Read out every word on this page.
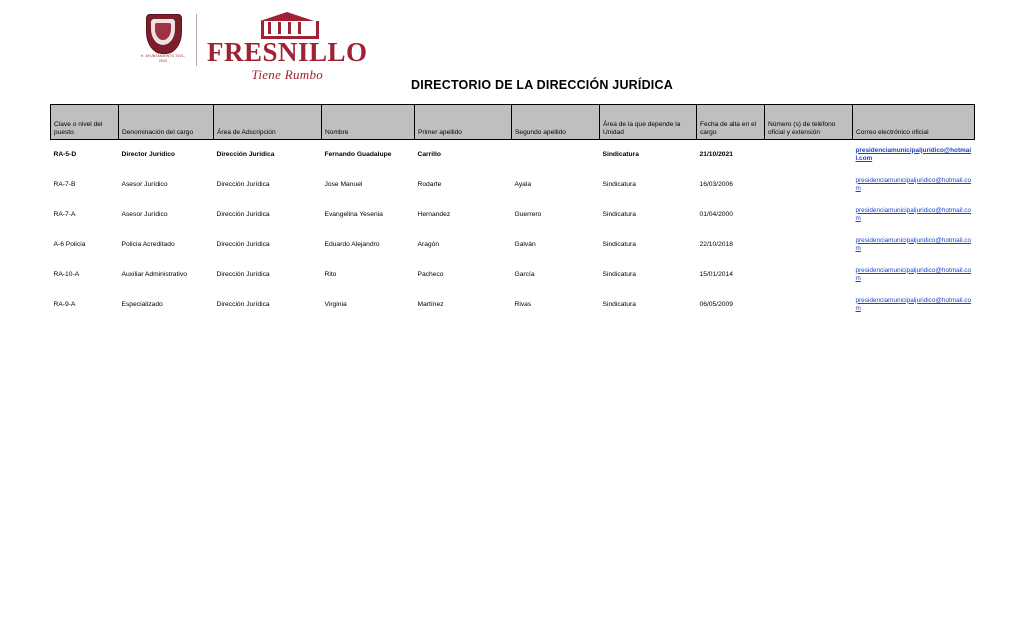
H. AYUNTAMIENTO 2021-2024	FRESNILLO
Tiene Rumbo
DIRECTORIO DE LA DIRECCIÓN JURÍDICA
Clave o nivel del puesto	Denominación del cargo	Área de Adscripción	Nombre	Primer apellido	Segundo apellido	Área de la que depende la Unidad	Fecha de alta en el cargo	Número (s) de teléfono oficial y extensión	Correo electrónico oficial
RA-5-D	Director Jurídico	Dirección Jurídica	Fernando Guadalupe	Carrillo		Sindicatura	21/10/2021		presidenciamunicipaljuridico@hotmail.com
RA-7-B	Asesor Jurídico	Dirección Jurídica	Jose Manuel	Rodarte	Ayala	Sindicatura	16/03/2006		presidenciamunicipaljuridico@hotmail.com
RA-7-A	Asesor Jurídico	Dirección Jurídica	Evangelina Yesenia	Hernandez	Guerrero	Sindicatura	01/04/2000		presidenciamunicipaljuridico@hotmail.com
A-6 Policia	Policia Acreditado	Dirección Jurídica	Eduardo Alejandro	Aragón	Galván	Sindicatura	22/10/2018		presidenciamunicipaljuridico@hotmail.com
RA-10-A	Auxiliar Administrativo	Dirección Jurídica	Rito	Pacheco	García	Sindicatura	15/01/2014		presidenciamunicipaljuridico@hotmail.com
RA-9-A	Especializado	Dirección Jurídica	Virginia	Martínez	Rivas	Sindicatura	06/05/2009		presidenciamunicipaljuridico@hotmail.com
